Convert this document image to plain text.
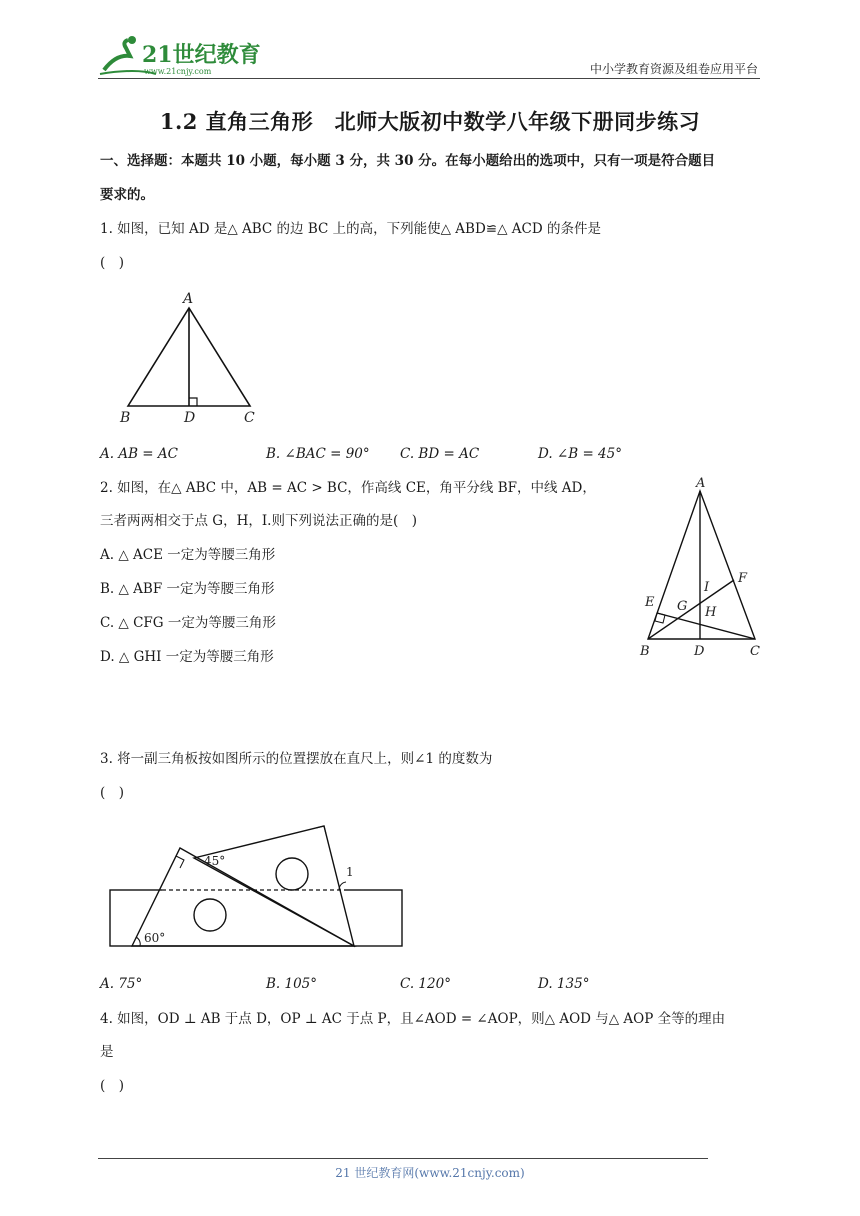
21世纪教育
www.21cnjy.com	中小学教育资源及组卷应用平台
1.2 直角三角形　北师大版初中数学八年级下册同步练习
一、选择题：本题共 10 小题，每小题 3 分，共 30 分。在每小题给出的选项中，只有一项是符合题目
要求的。
1. 如图，已知 AD 是△ ABC 的边 BC 上的高，下列能使△ ABD≌△ ACD 的条件是
(　)
A
B	D	C
A. AB = AC	B. ∠BAC = 90° C. BD = AC	D. ∠B = 45°
2. 如图，在△ ABC 中，AB = AC > BC，作高线 CE，角平分线 BF，中线 AD，
三者两两相交于点 G，H，I.则下列说法正确的是(　)
A. △ ACE 一定为等腰三角形
B. △ ABF 一定为等腰三角形
C. △ CFG 一定为等腰三角形
D. △ GHI 一定为等腰三角形
A
B	D	C
E
F
G H
I
3. 将一副三角板按如图所示的位置摆放在直尺上，则∠1 的度数为
(　)
45°
60°
1
A. 75°	B. 105°	C. 120°	D. 135°
4. 如图，OD ⊥ AB 于点 D，OP ⊥ AC 于点 P，且∠AOD = ∠AOP，则△ AOD 与△ AOP 全等的理由
是
(　)
21 世纪教育网(www.21cnjy.com)
